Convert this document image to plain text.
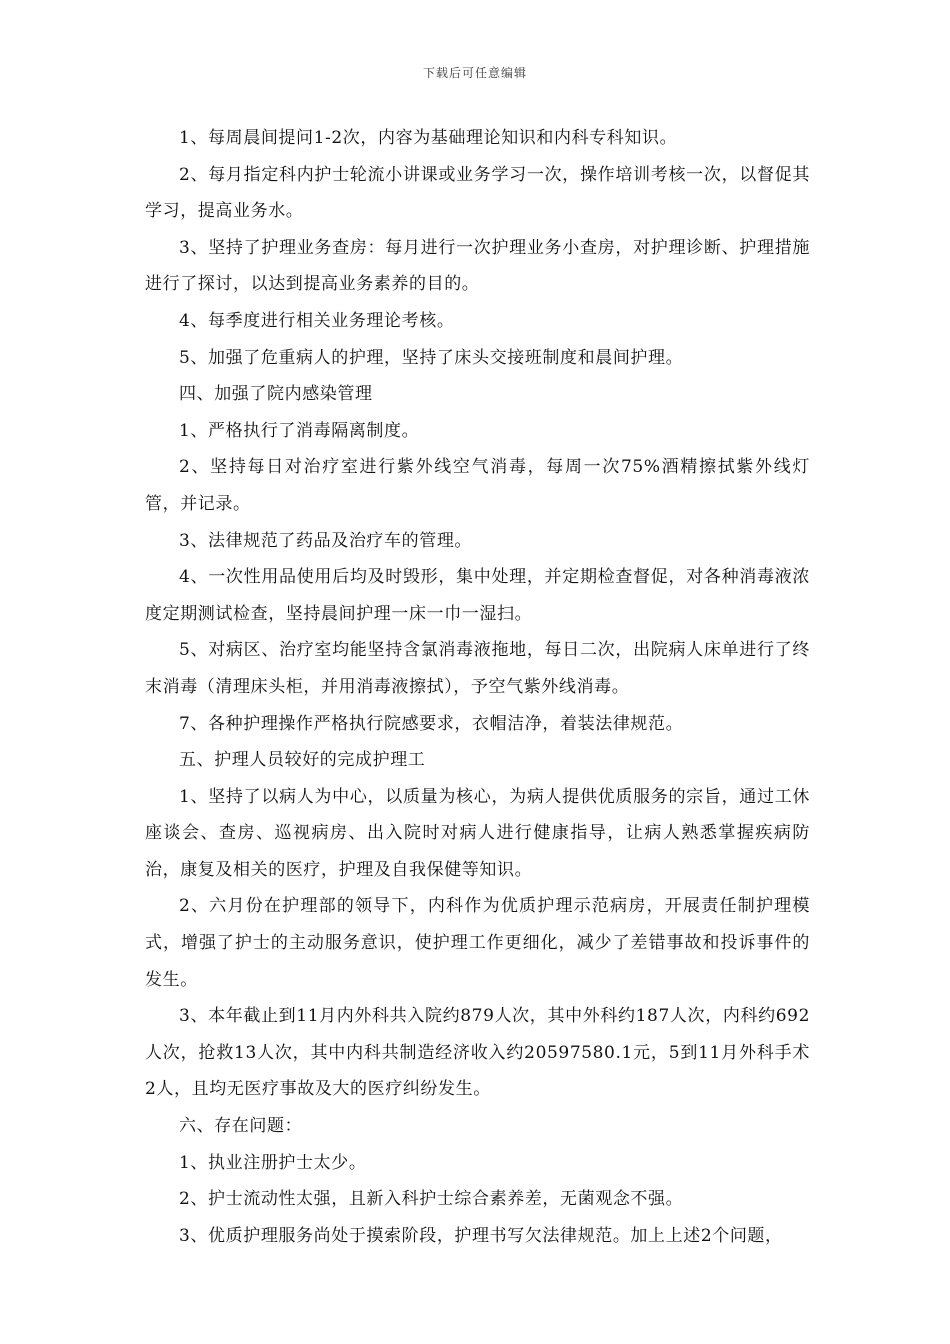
下载后可任意编辑

1、每周晨间提问1-2次，内容为基础理论知识和内科专科知识。

2、每月指定科内护士轮流小讲课或业务学习一次，操作培训考核一次，以督促其学习，提高业务水。

3、坚持了护理业务查房：每月进行一次护理业务小查房，对护理诊断、护理措施进行了探讨，以达到提高业务素养的目的。

4、每季度进行相关业务理论考核。

5、加强了危重病人的护理，坚持了床头交接班制度和晨间护理。

四、加强了院内感染管理

1、严格执行了消毒隔离制度。

2、坚持每日对治疗室进行紫外线空气消毒，每周一次75%酒精擦拭紫外线灯管，并记录。

3、法律规范了药品及治疗车的管理。

4、一次性用品使用后均及时毁形，集中处理，并定期检查督促，对各种消毒液浓度定期测试检查，坚持晨间护理一床一巾一湿扫。

5、对病区、治疗室均能坚持含氯消毒液拖地，每日二次，出院病人床单进行了终末消毒（清理床头柜，并用消毒液擦拭），予空气紫外线消毒。

7、各种护理操作严格执行院感要求，衣帽洁净，着装法律规范。

五、护理人员较好的完成护理工

1、坚持了以病人为中心，以质量为核心，为病人提供优质服务的宗旨，通过工休座谈会、查房、巡视病房、出入院时对病人进行健康指导，让病人熟悉掌握疾病防治，康复及相关的医疗，护理及自我保健等知识。

2、六月份在护理部的领导下，内科作为优质护理示范病房，开展责任制护理模式，增强了护士的主动服务意识，使护理工作更细化，减少了差错事故和投诉事件的发生。

3、本年截止到11月内外科共入院约879人次，其中外科约187人次，内科约692人次，抢救13人次，其中内科共制造经济收入约20597580.1元，5到11月外科手术2人，且均无医疗事故及大的医疗纠纷发生。

六、存在问题：

1、执业注册护士太少。

2、护士流动性太强，且新入科护士综合素养差，无菌观念不强。

3、优质护理服务尚处于摸索阶段，护理书写欠法律规范。加上上述2个问题，
